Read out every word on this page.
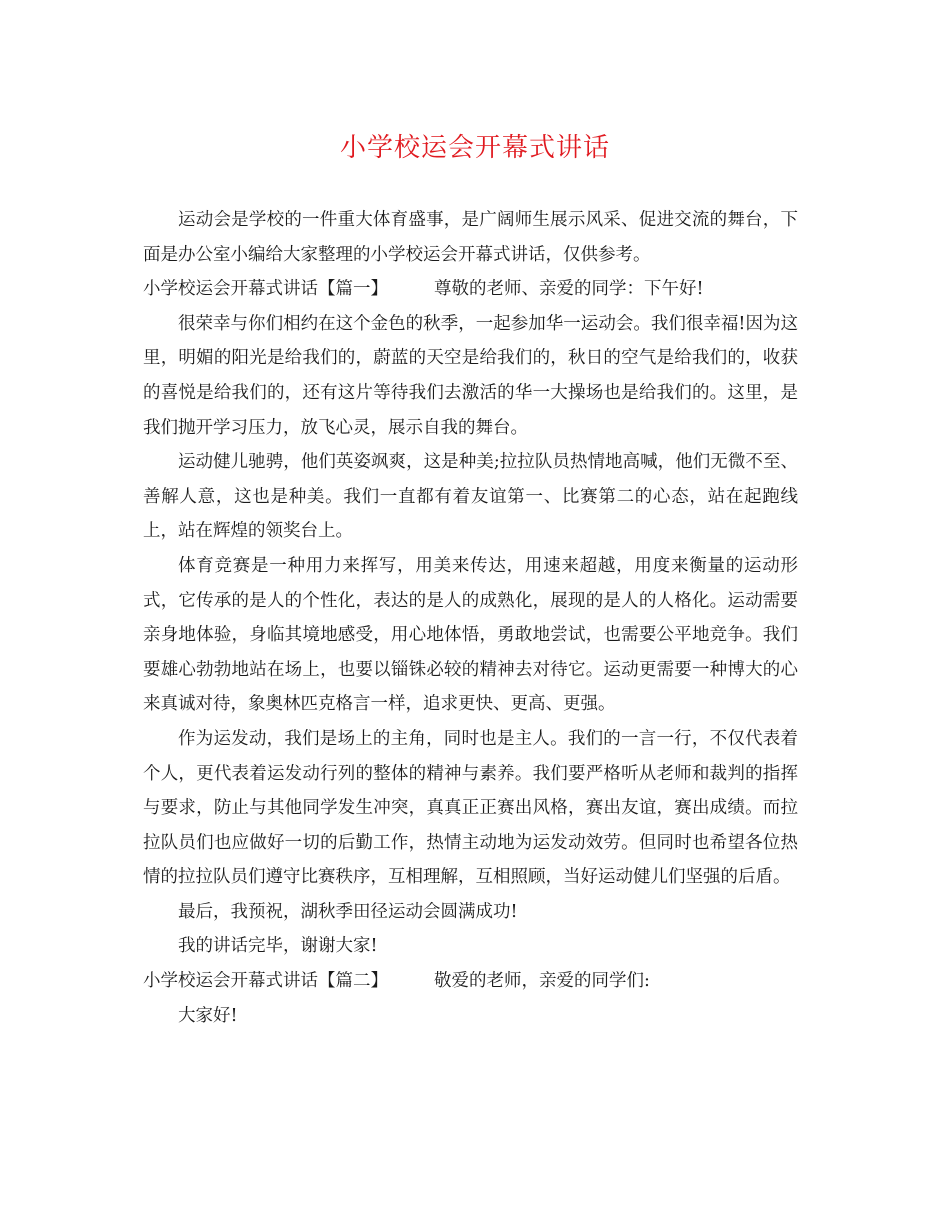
小学校运会开幕式讲话

运动会是学校的一件重大体育盛事，是广阔师生展示风采、促进交流的舞台，下面是办公室小编给大家整理的小学校运会开幕式讲话，仅供参考。

小学校运会开幕式讲话【篇一】	尊敬的老师、亲爱的同学：下午好!

很荣幸与你们相约在这个金色的秋季，一起参加华一运动会。我们很幸福!因为这里，明媚的阳光是给我们的，蔚蓝的天空是给我们的，秋日的空气是给我们的，收获的喜悦是给我们的，还有这片等待我们去激活的华一大操场也是给我们的。这里，是我们抛开学习压力，放飞心灵，展示自我的舞台。

运动健儿驰骋，他们英姿飒爽，这是种美;拉拉队员热情地高喊，他们无微不至、善解人意，这也是种美。我们一直都有着友谊第一、比赛第二的心态，站在起跑线上，站在辉煌的领奖台上。

体育竞赛是一种用力来挥写，用美来传达，用速来超越，用度来衡量的运动形式，它传承的是人的个性化，表达的是人的成熟化，展现的是人的人格化。运动需要亲身地体验，身临其境地感受，用心地体悟，勇敢地尝试，也需要公平地竞争。我们要雄心勃勃地站在场上，也要以锱铢必较的精神去对待它。运动更需要一种博大的心来真诚对待，象奥林匹克格言一样，追求更快、更高、更强。

作为运发动，我们是场上的主角，同时也是主人。我们的一言一行，不仅代表着个人，更代表着运发动行列的整体的精神与素养。我们要严格听从老师和裁判的指挥与要求，防止与其他同学发生冲突，真真正正赛出风格，赛出友谊，赛出成绩。而拉拉队员们也应做好一切的后勤工作，热情主动地为运发动效劳。但同时也希望各位热情的拉拉队员们遵守比赛秩序，互相理解，互相照顾，当好运动健儿们坚强的后盾。

最后，我预祝，湖秋季田径运动会圆满成功!

我的讲话完毕，谢谢大家!

小学校运会开幕式讲话【篇二】	敬爱的老师，亲爱的同学们:

大家好!
